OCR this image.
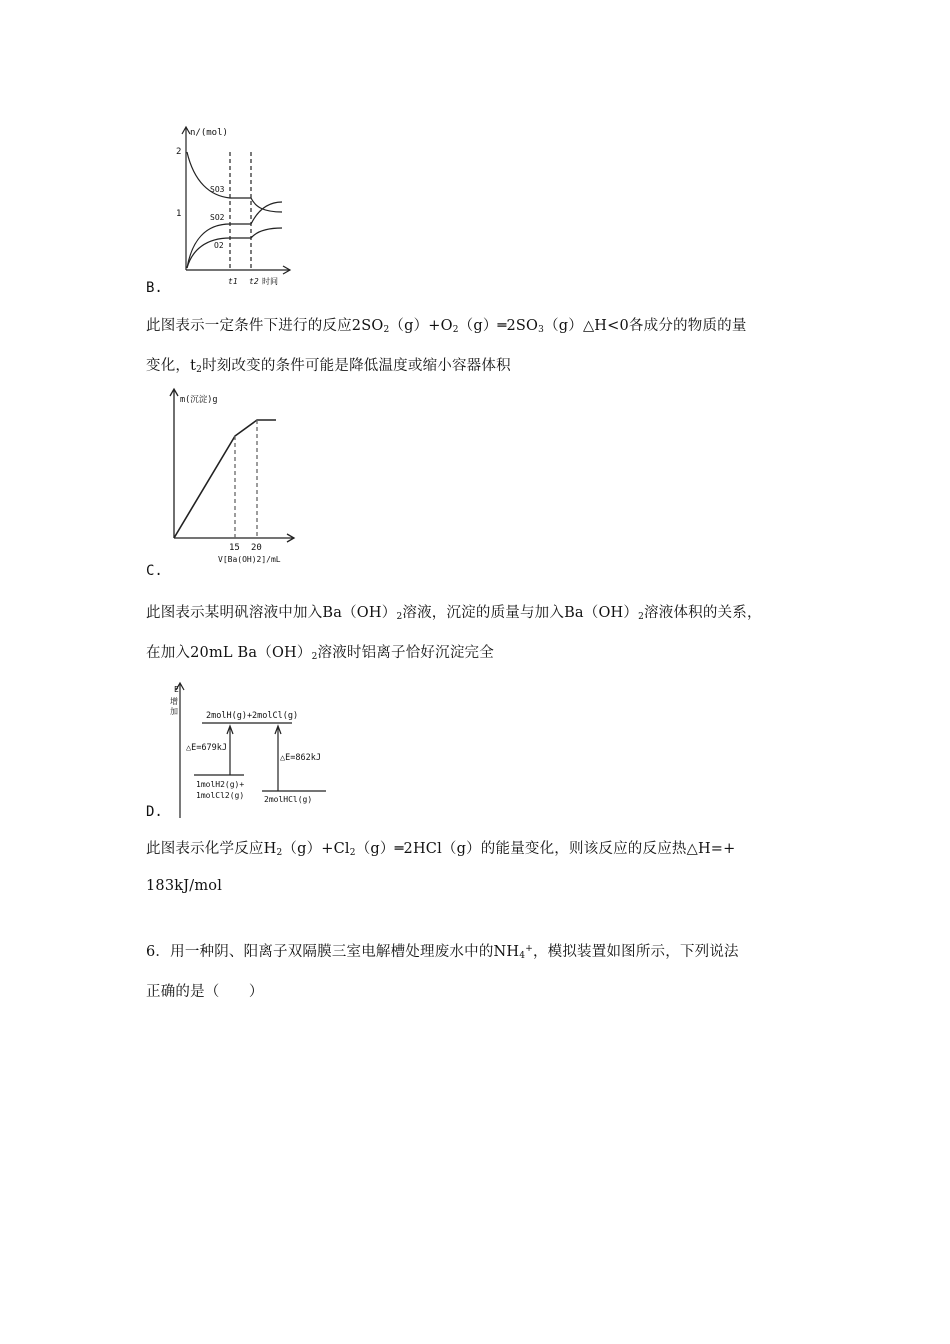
n/(mol)
2
1
SO3
SO2
O2
t1 t2 时间
B.
此图表示一定条件下进行的反应$2SO_2(g)+O_2(g)═2SO_3(g)\triangle H<0$各成分的物质的量
变化，$t_2$时刻改变的条件可能是降低温度或缩小容器体积
m(沉淀)g
15 20
V[Ba(OH)2]/mL
C.
此图表示某明矾溶液中加入$Ba(OH)_2$溶液，沉淀的质量与加入$Ba(OH)_2$溶液体积的关系，
在加入20mL $Ba(OH)_2$溶液时铝离子恰好沉淀完全
E
增
加	2molH(g)+2molCl(g)
△E=679kJ
△E=862kJ
1molH2(g)+
1molCl2(g) 2molHCl(g)
D.
此图表示化学反应$H_2(g)+Cl_2(g)═2HCl(g)$的能量变化，则该反应的反应热△H=+
183kJ/mol
6．用一种阴、阳离子双隔膜三室电解槽处理废水中的$NH_4^+$，模拟装置如图所示，下列说法
正确的是（　　）
